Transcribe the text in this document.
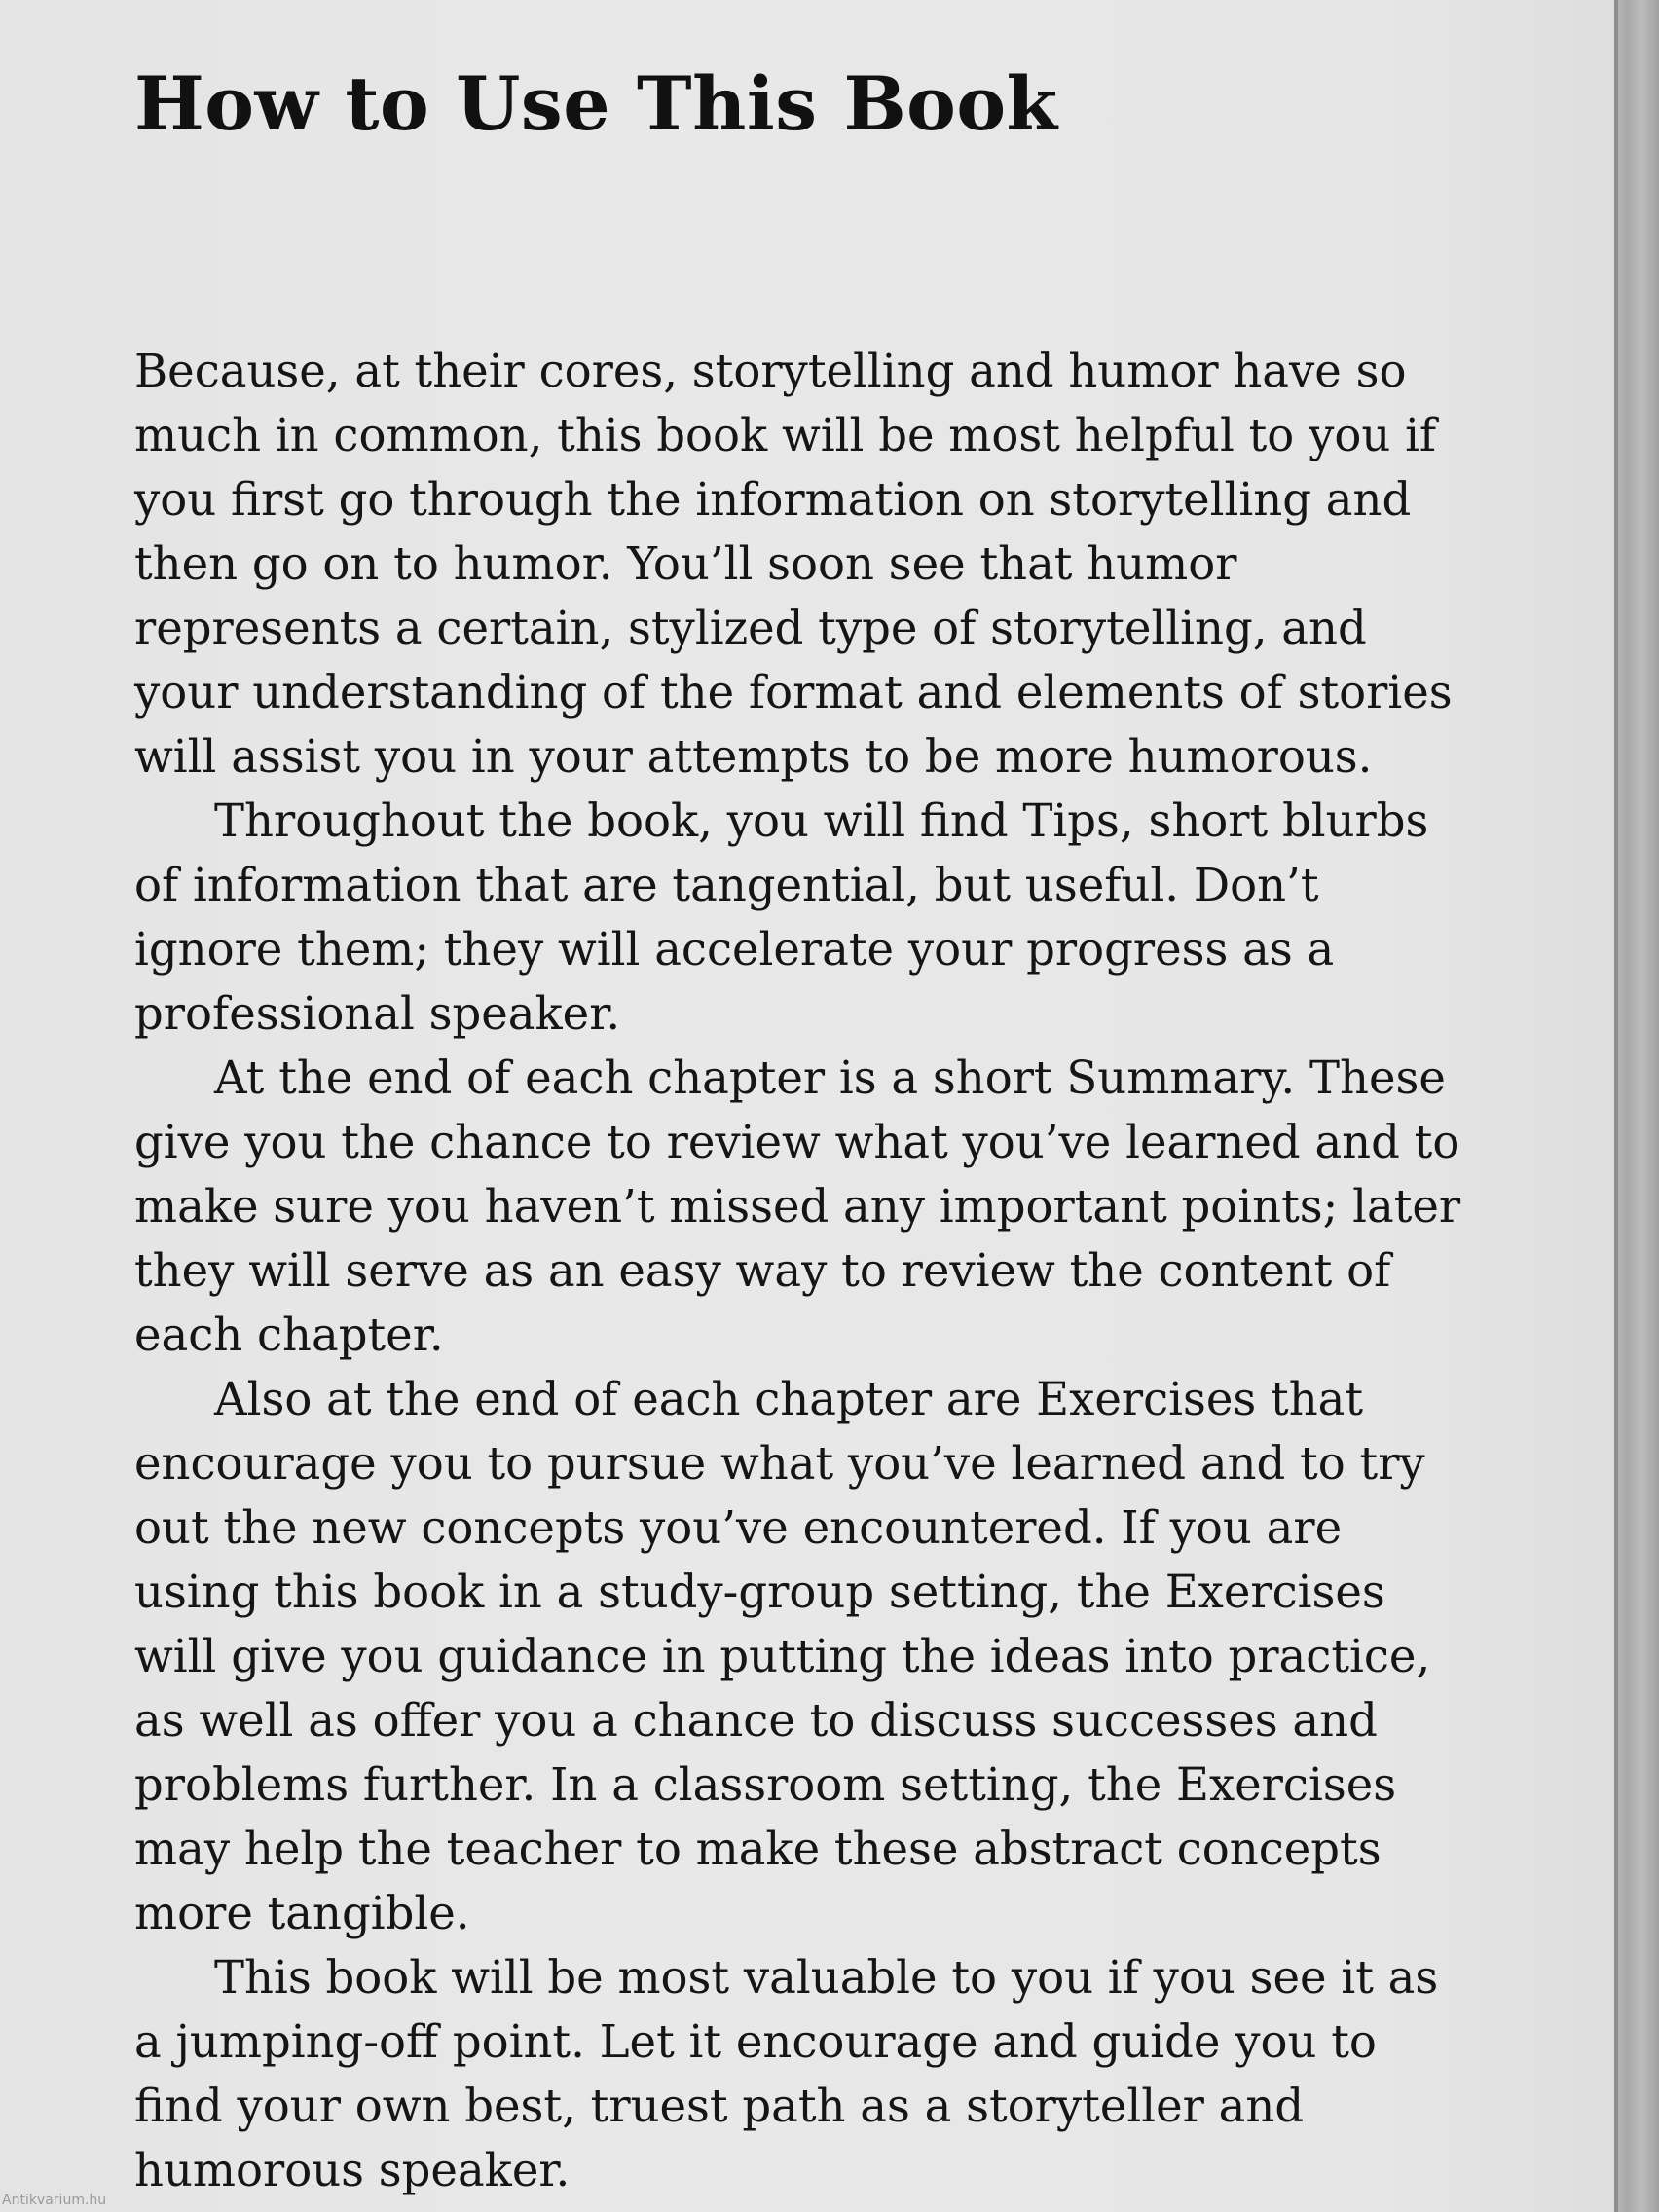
How to Use This Book

Because, at their cores, storytelling and humor have so much in common, this book will be most helpful to you if you first go through the information on storytelling and then go on to humor. You’ll soon see that humor represents a certain, stylized type of storytelling, and your understanding of the format and elements of stories will assist you in your attempts to be more humorous.

Throughout the book, you will find Tips, short blurbs of information that are tangential, but useful. Don’t ignore them; they will accelerate your progress as a professional speaker.

At the end of each chapter is a short Summary. These give you the chance to review what you’ve learned and to make sure you haven’t missed any important points; later they will serve as an easy way to review the content of each chapter.

Also at the end of each chapter are Exercises that encourage you to pursue what you’ve learned and to try out the new concepts you’ve encountered. If you are using this book in a study-group setting, the Exercises will give you guidance in putting the ideas into practice, as well as offer you a chance to discuss successes and problems further. In a classroom setting, the Exercises may help the teacher to make these abstract concepts more tangible.

This book will be most valuable to you if you see it as a jumping-off point. Let it encourage and guide you to find your own best, truest path as a storyteller and humorous speaker.

Antikvarium.hu
